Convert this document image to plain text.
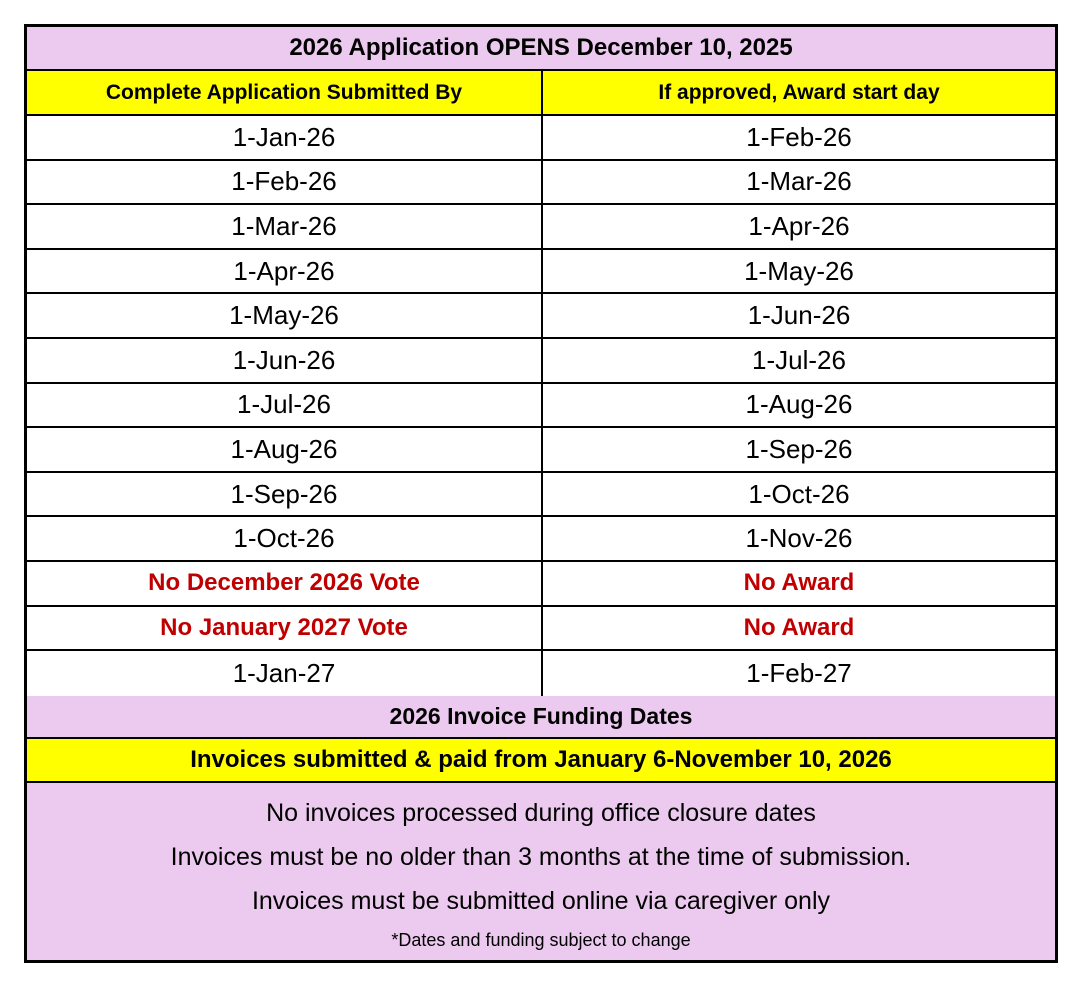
2026 Application OPENS December 10, 2025
Complete Application Submitted By	If approved, Award start day
1-Jan-26	1-Feb-26
1-Feb-26	1-Mar-26
1-Mar-26	1-Apr-26
1-Apr-26	1-May-26
1-May-26	1-Jun-26
1-Jun-26	1-Jul-26
1-Jul-26	1-Aug-26
1-Aug-26	1-Sep-26
1-Sep-26	1-Oct-26
1-Oct-26	1-Nov-26
No December 2026 Vote	No Award
No January 2027 Vote	No Award
1-Jan-27	1-Feb-27
2026 Invoice Funding Dates
Invoices submitted & paid from January 6-November 10, 2026
No invoices processed during office closure dates
Invoices must be no older than 3 months at the time of submission.
Invoices must be submitted online via caregiver only
*Dates and funding subject to change
